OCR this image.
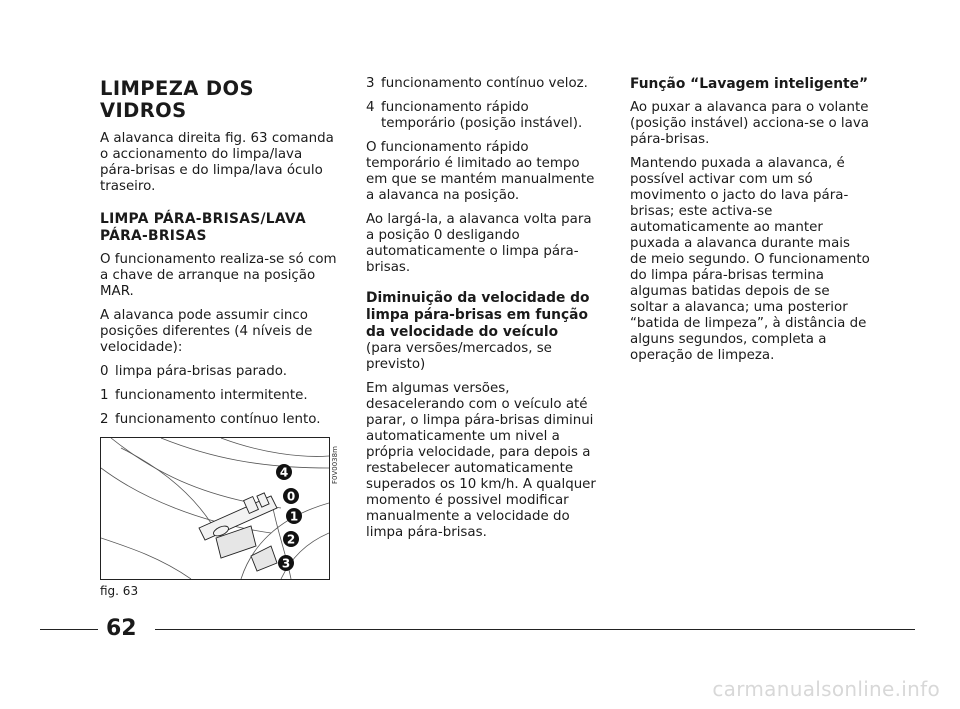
LIMPEZA DOS VIDROS

A alavanca direita fig. 63 comanda o accionamento do limpa/lava pára-brisas e do limpa/lava óculo traseiro.

LIMPA PÁRA-BRISAS/LAVA PÁRA-BRISAS

O funcionamento realiza-se só com a chave de arranque na posição MAR.

A alavanca pode assumir cinco posições diferentes (4 níveis de velocidade):

0 limpa pára-brisas parado.

1 funcionamento intermitente.

2 funcionamento contínuo lento.

3 funcionamento contínuo veloz.

4 funcionamento rápido temporário (posição instável).

O funcionamento rápido temporário é limitado ao tempo em que se mantém manualmente a alavanca na posição.

Ao largá-la, a alavanca volta para a posição 0 desligando automaticamente o limpa pára-brisas.

Diminuição da velocidade do limpa pára-brisas em função da velocidade do veículo

(para versões/mercados, se previsto)

Em algumas versões, desacelerando com o veículo até parar, o limpa pára-brisas diminui automaticamente um nivel a própria velocidade, para depois a restabelecer automaticamente superados os 10 km/h. A qualquer momento é possivel modificar manualmente a velocidade do limpa pára-brisas.

Função “Lavagem inteligente”

Ao puxar a alavanca para o volante (posição instável) acciona-se o lava pára-brisas.

Mantendo puxada a alavanca, é possível activar com um só movimento o jacto do lava pára-brisas; este activa-se automaticamente ao manter puxada a alavanca durante mais de meio segundo. O funcionamento do limpa pára-brisas termina algumas batidas depois de se soltar a alavanca; uma posterior “batida de limpeza”, à distância de alguns segundos, completa a operação de limpeza.

4
0
1
2
3
F0V0038m
fig. 63
62
carmanualsonline.info
